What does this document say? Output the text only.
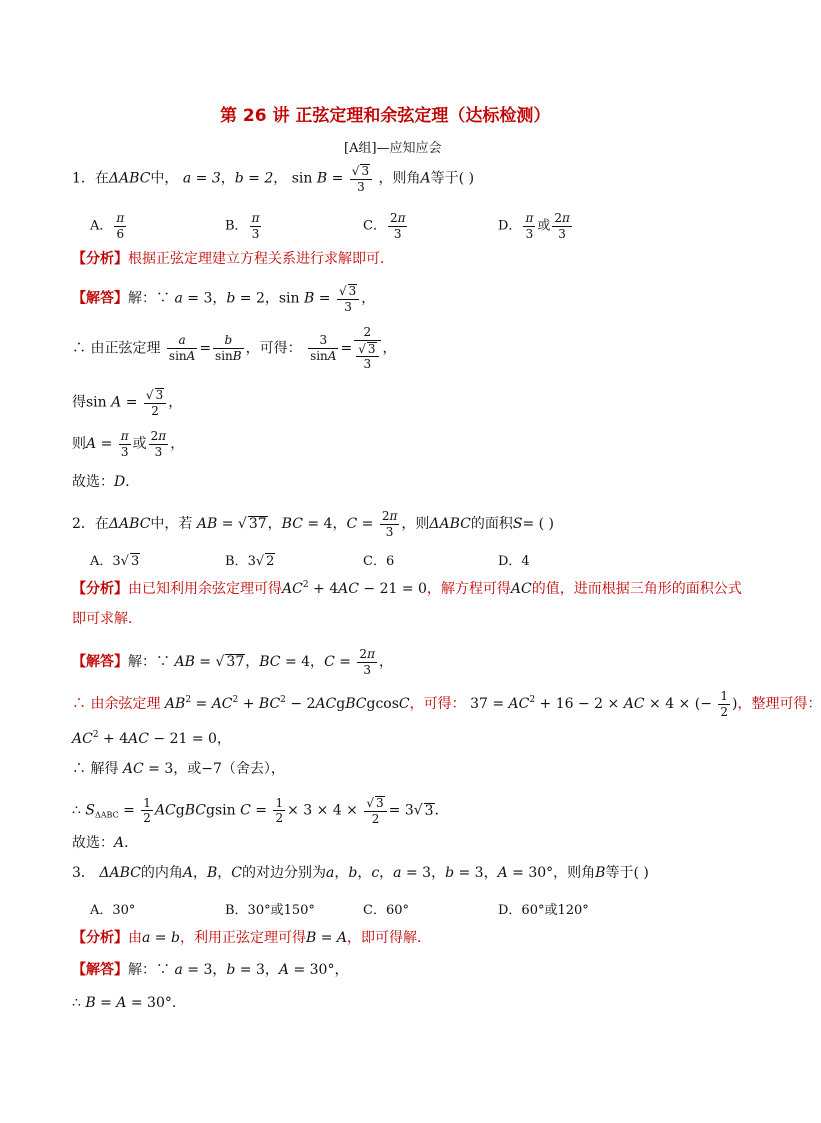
第 26 讲 正弦定理和余弦定理（达标检测）
[A组]—应知应会
1．在ΔABC中， a = 3，b = 2， $\sin B = \frac{√ 3}{3}$ ，则角A等于( )
A． $\frac{\pi}{6}$	B． $\frac{\pi}{3}$	C． $\frac{2\pi}{3}$	D． $\frac{\pi}{3}$ 或 $\frac{2\pi}{3}$
【分析】根据正弦定理建立方程关系进行求解即可．
【解答】解：∵ a = 3，b = 2，$\sin B = \frac{√ 3}{3}$ ，
∴ 由正弦定理 $\frac{a}{\sin A} = \frac{b}{\sin B}$ ，可得： $\frac{3}{\sin A} = \frac{2}{\frac{√ 3}{3}}$ ，
得$\sin A = \frac{√ 3}{2}$ ，
则$A = \frac{\pi}{3}$ 或 $\frac{2\pi}{3}$ ，
故选：D．
2．在ΔABC中，若 AB = √ 37，BC = 4，$C = \frac{2\pi}{3}$ ，则ΔABC的面积S= ( )
A．3√ 3	B．3√ 2	C．6	D．4
【分析】由已知利用余弦定理可得$AC^2 + 4AC - 21 = 0$，解方程可得AC的值，进而根据三角形的面积公式
即可求解．
【解答】解：∵ AB = √ 37，BC = 4，$C = \frac{2\pi}{3}$ ，
∴ 由余弦定理 $AB^2 = AC^2 + BC^2$ − 2ACgBCgcosC，可得： $37 = AC^2 + 16 - 2$ × AC × 4 × (− $\frac{1}{2}$ )，整理可得：
$AC^2 + 4AC - 21 = 0$，
∴ 解得 AC = 3，或−7（舍去），
∴ $S_{\Delta ABC} = \frac{1}{2}$ ACgBCgsin $C = \frac{1}{2} \times 3 \times 4 \times \frac{√ 3}{2} = 3√$ 3．
故选：A．
3． ΔABC的内角A，B，C的对边分别为a，b，c，a = 3，b = 3，A = 30°，则角B等于( )
A．30°	B．30°或150°	C．60°	D．60°或120°
【分析】由a = b，利用正弦定理可得B = A，即可得解．
【解答】解：∵ a = 3，b = 3，A = 30°，
∴ B = A = 30°．
